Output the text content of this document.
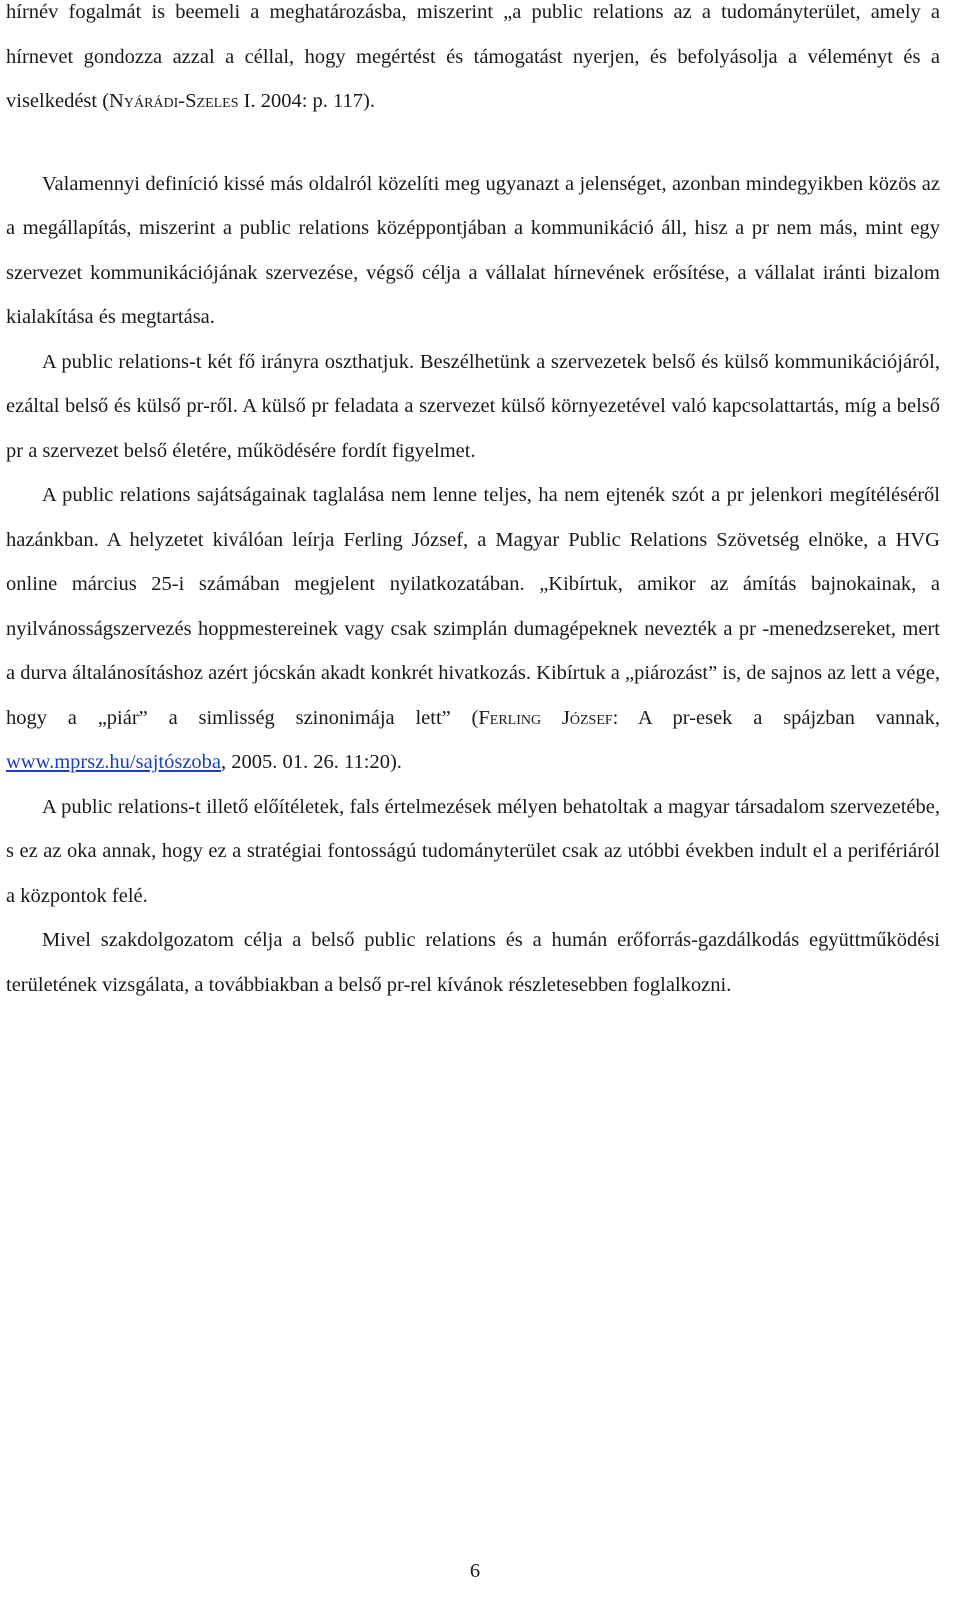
hírnév fogalmát is beemeli a meghatározásba, miszerint „a public relations az a tudományterület, amely a hírnevet gondozza azzal a céllal, hogy megértést és támogatást nyerjen, és befolyásolja a véleményt és a viselkedést (Nyárádi-Szeles I. 2004: p. 117).

Valamennyi definíció kissé más oldalról közelíti meg ugyanazt a jelenséget, azonban mindegyikben közös az a megállapítás, miszerint a public relations középpontjában a kommunikáció áll, hisz a pr nem más, mint egy szervezet kommunikációjának szervezése, végső célja a vállalat hírnevének erősítése, a vállalat iránti bizalom kialakítása és megtartása.

A public relations-t két fő irányra oszthatjuk. Beszélhetünk a szervezetek belső és külső kommunikációjáról, ezáltal belső és külső pr-ről. A külső pr feladata a szervezet külső környezetével való kapcsolattartás, míg a belső pr a szervezet belső életére, működésére fordít figyelmet.

A public relations sajátságainak taglalása nem lenne teljes, ha nem ejtenék szót a pr jelenkori megítéléséről hazánkban. A helyzetet kiválóan leírja Ferling József, a Magyar Public Relations Szövetség elnöke, a HVG online március 25-i számában megjelent nyilatkozatában. „Kibírtuk, amikor az ámítás bajnokainak, a nyilvánosságszervezés hoppmestereinek vagy csak szimplán dumagépeknek nevezték a pr -menedzsereket, mert a durva általánosításhoz azért jócskán akadt konkrét hivatkozás. Kibírtuk a „piározást” is, de sajnos az lett a vége, hogy a „piár” a simlisség szinonimája lett” (Ferling József: A pr-esek a spájzban vannak, www.mprsz.hu/sajtószoba, 2005. 01. 26. 11:20).

A public relations-t illető előítéletek, fals értelmezések mélyen behatoltak a magyar társadalom szervezetébe, s ez az oka annak, hogy ez a stratégiai fontosságú tudományterület csak az utóbbi években indult el a perifériáról a központok felé.

Mivel szakdolgozatom célja a belső public relations és a humán erőforrás-gazdálkodás együttműködési területének vizsgálata, a továbbiakban a belső pr-rel kívánok részletesebben foglalkozni.

6
